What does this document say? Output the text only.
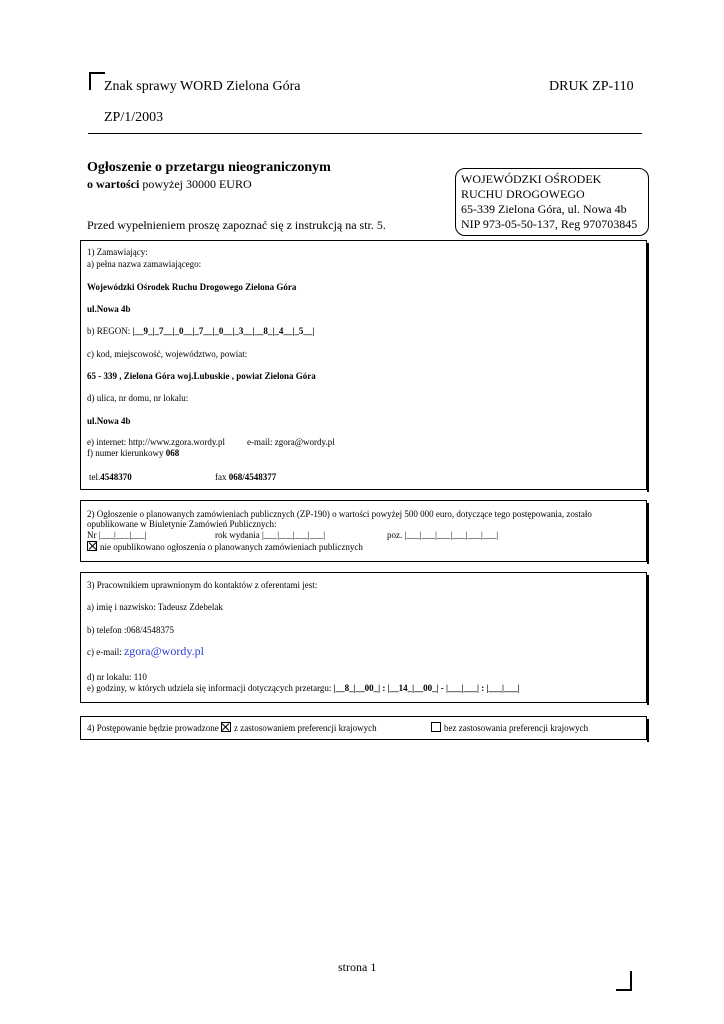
Znak sprawy WORD Zielona Góra	DRUK ZP-110
ZP/1/2003
Ogłoszenie o przetargu nieograniczonym
o wartości powyżej 30000 EURO
Przed wypełnieniem proszę zapoznać się z instrukcją na str. 5.
WOJEWÓDZKI OŚRODEK
RUCHU DROGOWEGO
65-339 Zielona Góra, ul. Nowa 4b
NIP 973-05-50-137, Reg 970703845
1) Zamawiający:
a) pełna nazwa zamawiającego:
Wojewódzki Ośrodek Ruchu Drogowego Zielona Góra
ul.Nowa 4b
b) REGON: |__9_|_7__|_0__|_7__|_0__|_3__|__8_|_4__|_5__|
c) kod, miejscowość, województwo, powiat:
65 - 339 , Zielona Góra woj.Lubuskie , powiat Zielona Góra
d) ulica, nr domu, nr lokalu:
ul.Nowa 4b
e) internet: http://www.zgora.wordy.pl e-mail: zgora@wordy.pl
f) numer kierunkowy 068
tel.4548370	fax 068/4548377
2) Ogłoszenie o planowanych zamówieniach publicznych (ZP-190) o wartości powyżej 500 000 euro, dotyczące tego postępowania, zostało
opublikowane w Biuletynie Zamówień Publicznych:
Nr |___|___|___|	rok wydania |___|___|___|___|	poz. |___|___|___|___|___|___|
nie opublikowano ogłoszenia o planowanych zamówieniach publicznych
3) Pracownikiem uprawnionym do kontaktów z oferentami jest:
a) imię i nazwisko: Tadeusz Zdebelak
b) telefon :068/4548375
c) e-mail: zgora@wordy.pl
d) nr lokalu: 110
e) godziny, w których udziela się informacji dotyczących przetargu: |__8_|__00_| : |__14_|__00_| - |___|___| : |___|___|
4) Postępowanie będzie prowadzone z zastosowaniem preferencji krajowych	bez zastosowania preferencji krajowych
strona 1
